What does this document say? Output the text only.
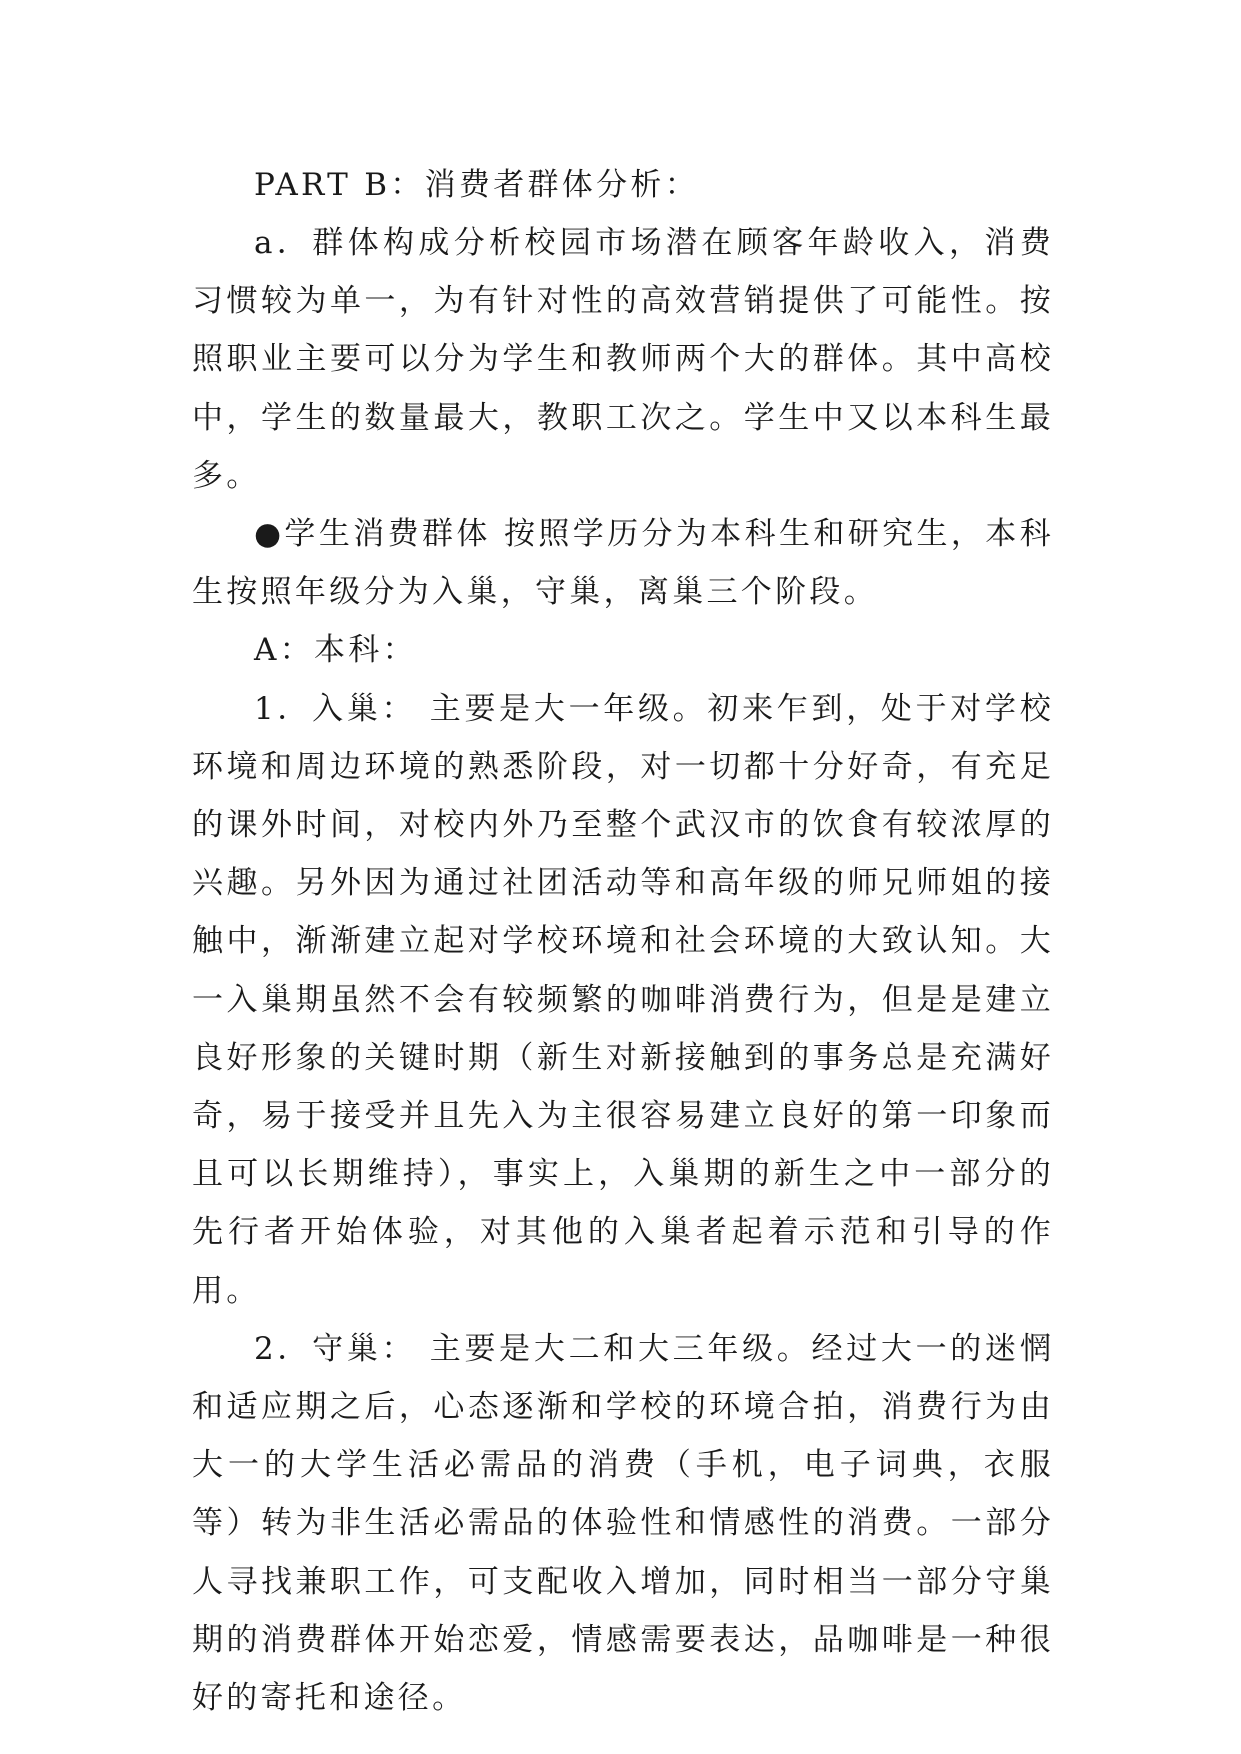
PART B：消费者群体分析：

a．群体构成分析校园市场潜在顾客年龄收入，消费习惯较为单一，为有针对性的高效营销提供了可能性。按照职业主要可以分为学生和教师两个大的群体。其中高校中，学生的数量最大，教职工次之。学生中又以本科生最多。

●学生消费群体 按照学历分为本科生和研究生，本科生按照年级分为入巢，守巢，离巢三个阶段。

A：本科：

1．入巢： 主要是大一年级。初来乍到，处于对学校环境和周边环境的熟悉阶段，对一切都十分好奇，有充足的课外时间，对校内外乃至整个武汉市的饮食有较浓厚的兴趣。另外因为通过社团活动等和高年级的师兄师姐的接触中，渐渐建立起对学校环境和社会环境的大致认知。大一入巢期虽然不会有较频繁的咖啡消费行为，但是是建立良好形象的关键时期（新生对新接触到的事务总是充满好奇，易于接受并且先入为主很容易建立良好的第一印象而且可以长期维持），事实上，入巢期的新生之中一部分的先行者开始体验，对其他的入巢者起着示范和引导的作用。

2．守巢： 主要是大二和大三年级。经过大一的迷惘和适应期之后，心态逐渐和学校的环境合拍，消费行为由大一的大学生活必需品的消费（手机，电子词典，衣服等）转为非生活必需品的体验性和情感性的消费。一部分人寻找兼职工作，可支配收入增加，同时相当一部分守巢期的消费群体开始恋爱，情感需要表达，品咖啡是一种很好的寄托和途径。
